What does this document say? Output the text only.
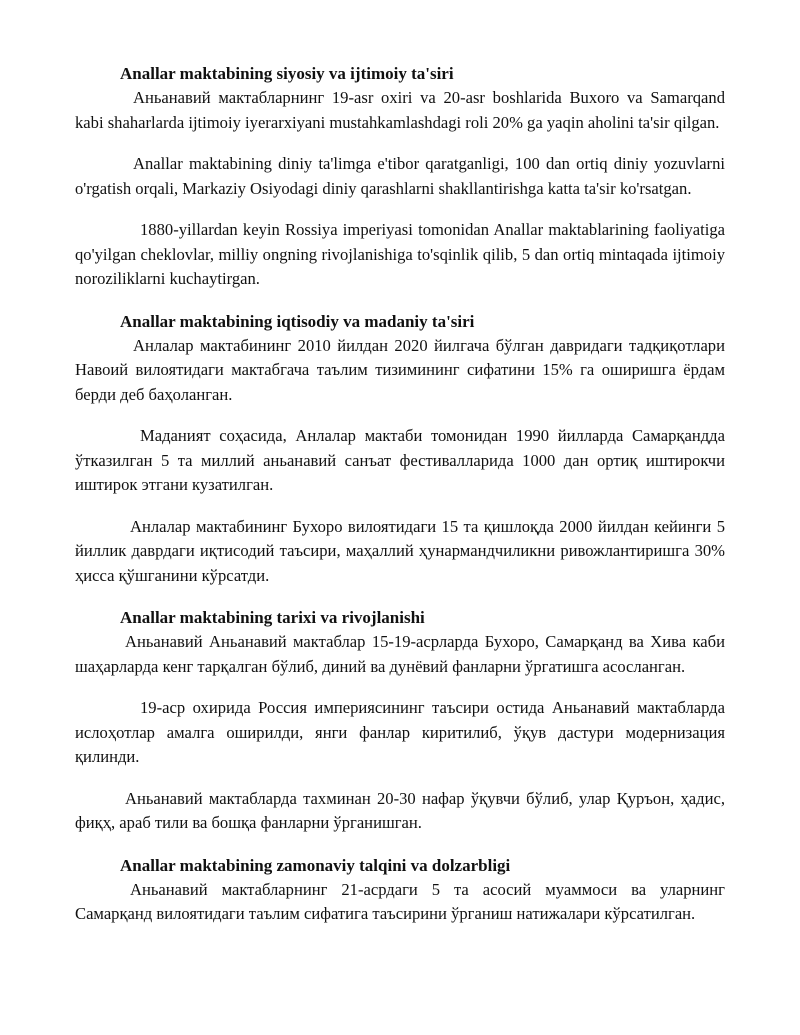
Anallar maktabining siyosiy va ijtimoiy ta'siri

Аньанавий мактабларнинг 19-asr oxiri va 20-asr boshlarida Buxoro va Samarqand kabi shaharlarda ijtimoiy iyerarxiyani mustahkamlashdagi roli 20% ga yaqin aholini ta'sir qilgan.

Anallar maktabining diniy ta'limga e'tibor qaratganligi, 100 dan ortiq diniy yozuvlarni o'rgatish orqali, Markaziy Osiyodagi diniy qarashlarni shakllantirishga katta ta'sir ko'rsatgan.

1880-yillardan keyin Rossiya imperiyasi tomonidan Anallar maktablarining faoliyatiga qo'yilgan cheklovlar, milliy ongning rivojlanishiga to'sqinlik qilib, 5 dan ortiq mintaqada ijtimoiy noroziliklarni kuchaytirgan.

Anallar maktabining iqtisodiy va madaniy ta'siri

Анлалар мактабининг 2010 йилдан 2020 йилгача бўлган давридаги тадқиқотлари Навоий вилоятидаги мактабгача таълим тизимининг сифатини 15% га оширишга ёрдам берди деб баҳоланган.

Маданият соҳасида, Анлалар мактаби томонидан 1990 йилларда Самарқандда ўтказилган 5 та миллий аньанавий санъат фестивалларида 1000 дан ортиқ иштирокчи иштирок этгани кузатилган.

Анлалар мактабининг Бухоро вилоятидаги 15 та қишлоқда 2000 йилдан кейинги 5 йиллик даврдаги иқтисодий таъсири, маҳаллий ҳунармандчиликни ривожлантиришга 30% ҳисса қўшганини кўрсатди.

Anallar maktabining tarixi va rivojlanishi

Аньанавий Аньанавий мактаблар 15-19-асрларда Бухоро, Самарқанд ва Хива каби шаҳарларда кенг тарқалган бўлиб, диний ва дунёвий фанларни ўргатишга асосланган.

19-аср охирида Россия империясининг таъсири остида Аньанавий мактабларда ислоҳотлар амалга оширилди, янги фанлар киритилиб, ўқув дастури модернизация қилинди.

Аньанавий мактабларда тахминан 20-30 нафар ўқувчи бўлиб, улар Қуръон, ҳадис, фиқҳ, араб тили ва бошқа фанларни ўрганишган.

Anallar maktabining zamonaviy talqini va dolzarbligi

Аньанавий мактабларнинг 21-асрдаги 5 та асосий муаммоси ва уларнинг Самарқанд вилоятидаги таълим сифатига таъсирини ўрганиш натижалари кўрсатилган.
